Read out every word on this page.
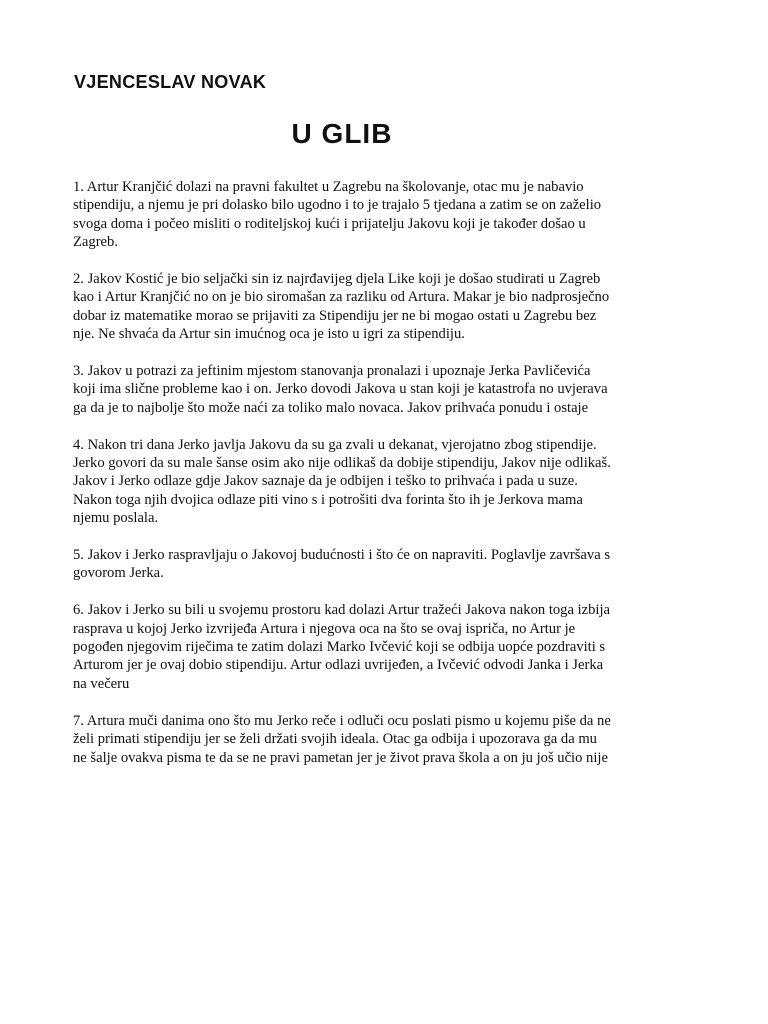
VJENCESLAV NOVAK
U GLIB

1. Artur Kranjčić dolazi na pravni fakultet u Zagrebu na školovanje, otac mu je nabavio
stipendiju, a njemu je pri dolasko bilo ugodno i to je trajalo 5 tjedana a zatim se on zaželio
svoga doma i počeo misliti o roditeljskoj kući i prijatelju Jakovu koji je također došao u
Zagreb.

2. Jakov Kostić je bio seljački sin iz najrđavijeg djela Like koji je došao studirati u Zagreb
kao i Artur Kranjčić no on je bio siromašan za razliku od Artura. Makar je bio nadprosječno
dobar iz matematike morao se prijaviti za Stipendiju jer ne bi mogao ostati u Zagrebu bez
nje. Ne shvaća da Artur sin imućnog oca je isto u igri za stipendiju.

3. Jakov u potrazi za jeftinim mjestom stanovanja pronalazi i upoznaje Jerka Pavličevića
koji ima slične probleme kao i on. Jerko dovodi Jakova u stan koji je katastrofa no uvjerava
ga da je to najbolje što može naći za toliko malo novaca. Jakov prihvaća ponudu i ostaje

4. Nakon tri dana Jerko javlja Jakovu da su ga zvali u dekanat, vjerojatno zbog stipendije.
Jerko govori da su male šanse osim ako nije odlikaš da dobije stipendiju, Jakov nije odlikaš.
Jakov i Jerko odlaze gdje Jakov saznaje da je odbijen i teško to prihvaća i pada u suze.
Nakon toga njih dvojica odlaze piti vino s i potrošiti dva forinta što ih je Jerkova mama
njemu poslala.

5. Jakov i Jerko raspravljaju o Jakovoj budućnosti i što će on napraviti. Poglavlje završava s
govorom Jerka.

6. Jakov i Jerko su bili u svojemu prostoru kad dolazi Artur tražeći Jakova nakon toga izbija
rasprava u kojoj Jerko izvrijeđa Artura i njegova oca na što se ovaj ispriča, no Artur je
pogođen njegovim riječima te zatim dolazi Marko Ivčević koji se odbija uopće pozdraviti s
Arturom jer je ovaj dobio stipendiju. Artur odlazi uvrijeđen, a Ivčević odvodi Janka i Jerka
na večeru

7. Artura muči danima ono što mu Jerko reče i odluči ocu poslati pismo u kojemu piše da ne
želi primati stipendiju jer se želi držati svojih ideala. Otac ga odbija i upozorava ga da mu
ne šalje ovakva pisma te da se ne pravi pametan jer je život prava škola a on ju još učio nije
